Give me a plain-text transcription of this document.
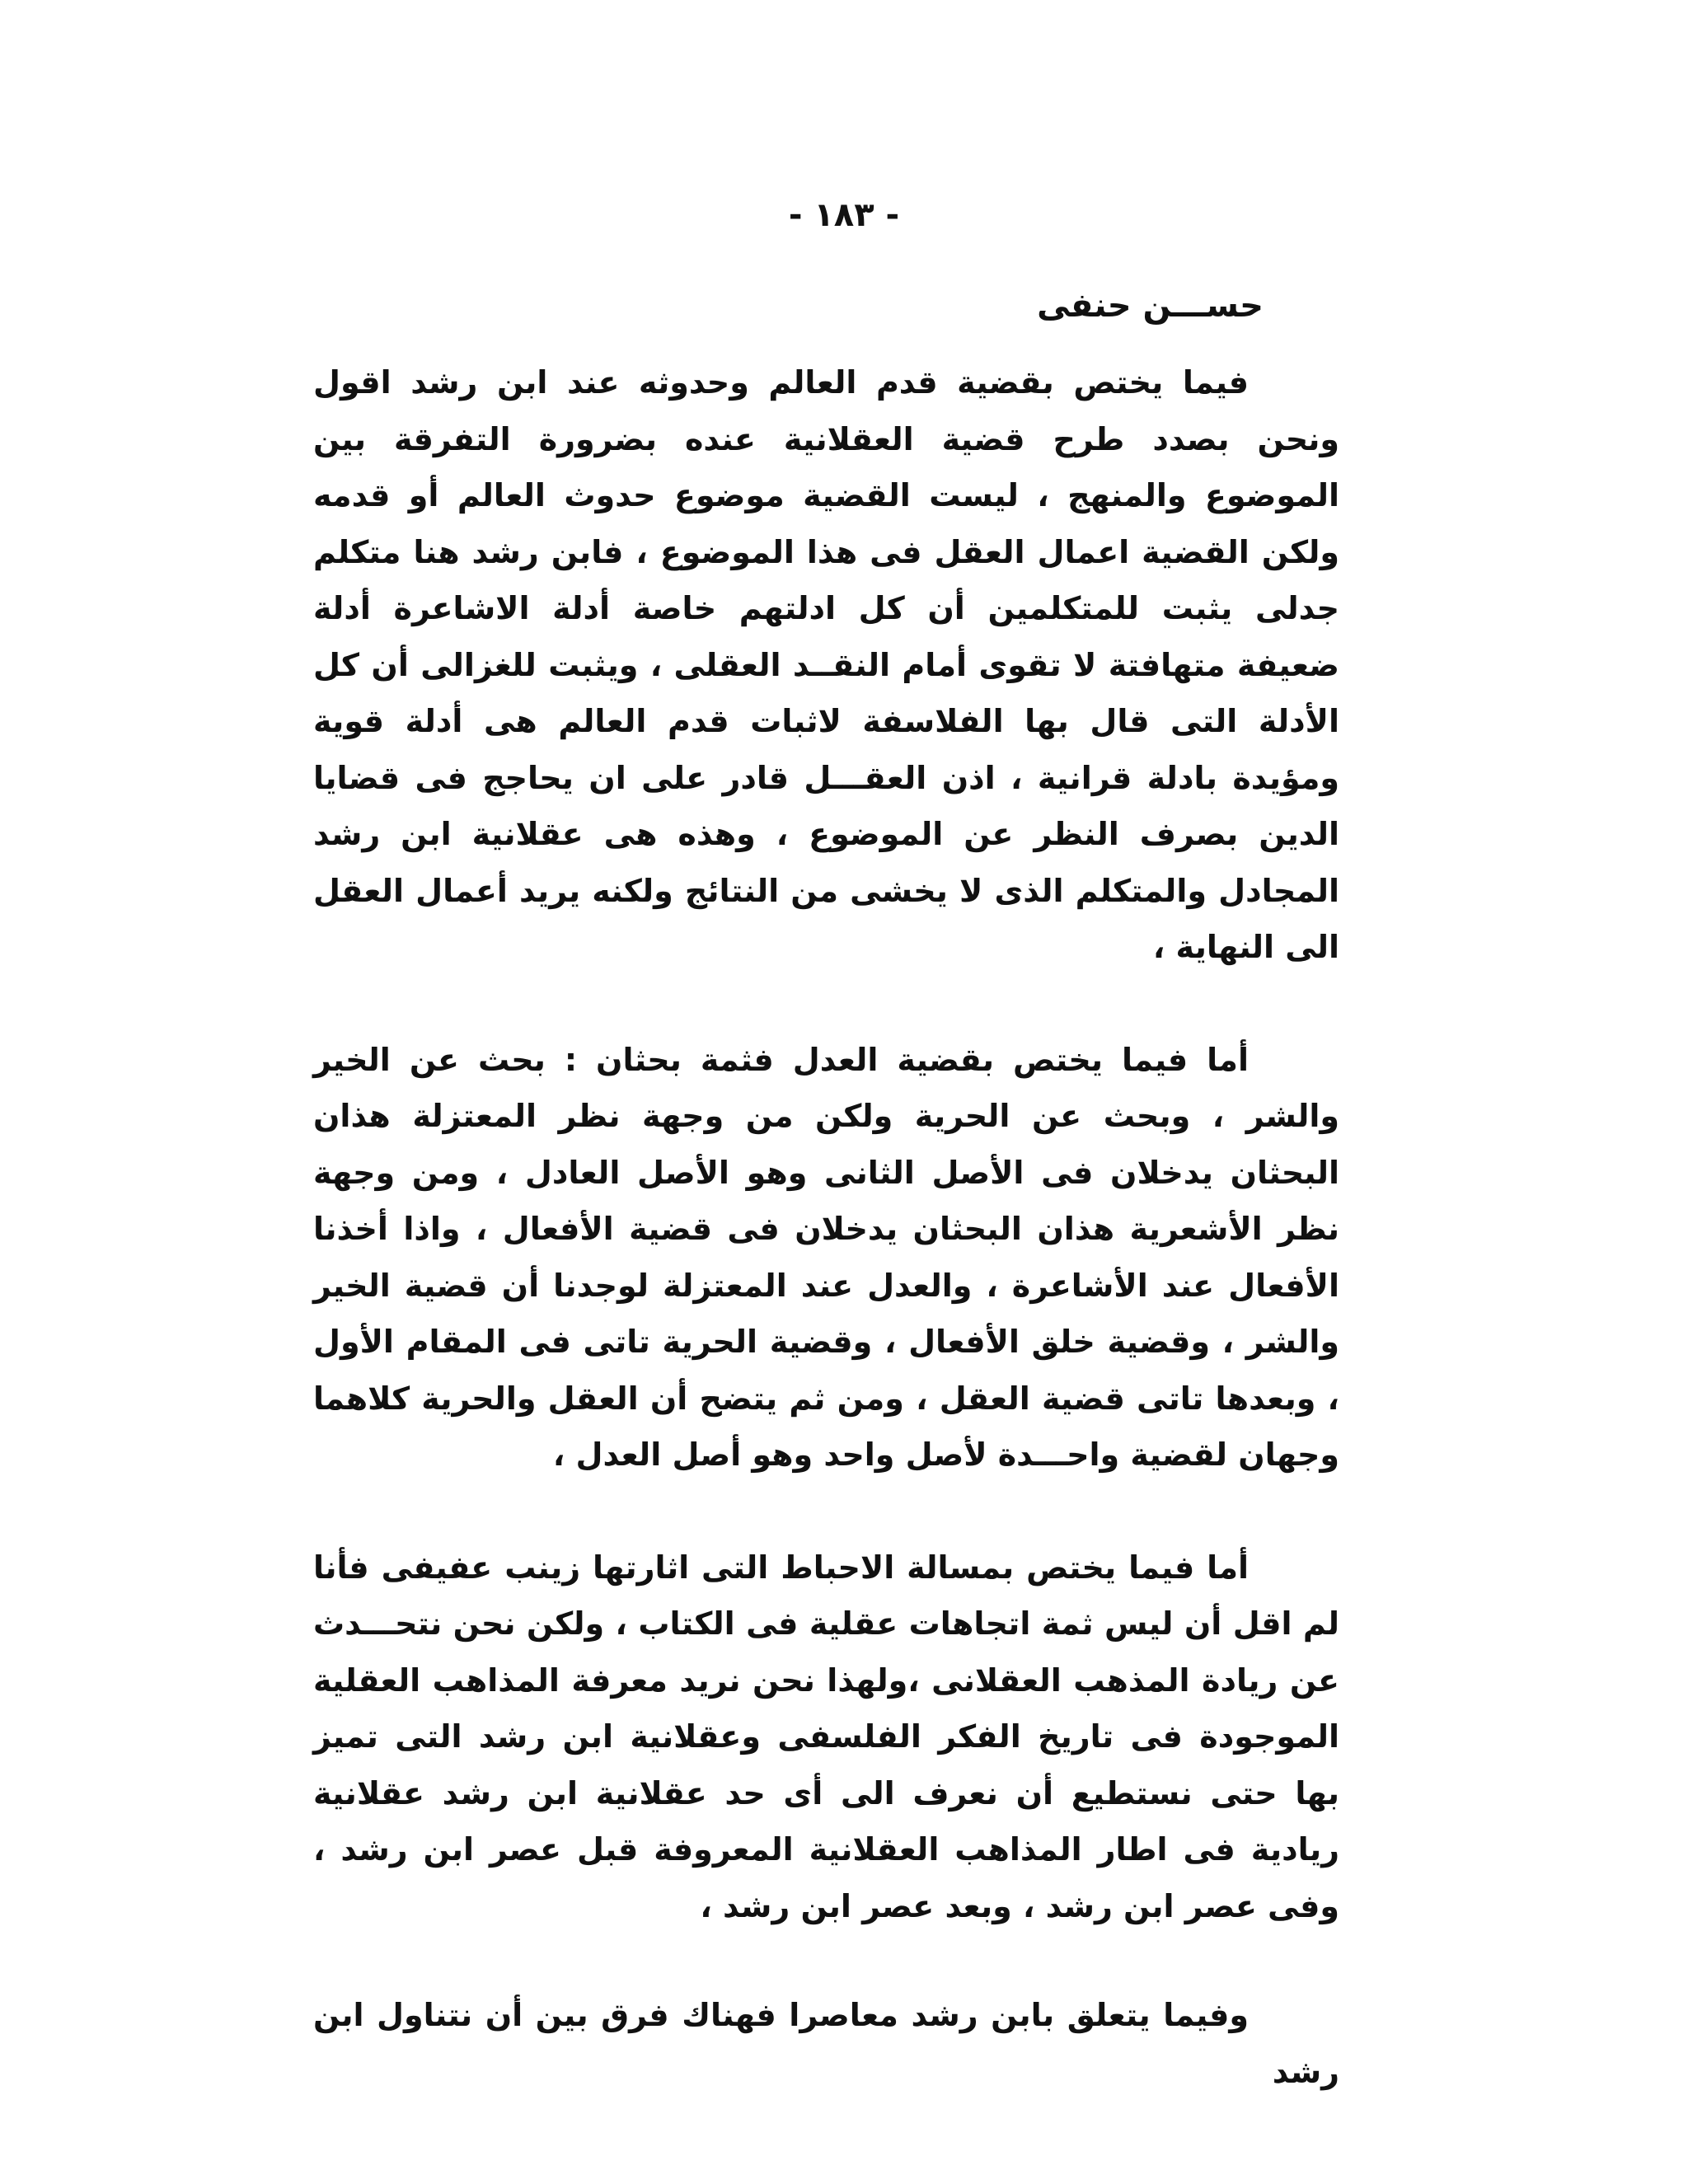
- ١٨٣ -
حســـن حنفى

فيما يختص بقضية قدم العالم وحدوثه عند ابن رشد اقول ونحن بصدد طرح قضية العقلانية عنده بضرورة التفرقة بين الموضوع والمنهج ، ليست القضية موضوع حدوث العالم أو قدمه ولكن القضية اعمال العقل فى هذا الموضوع ، فابن رشد هنا متكلم جدلى يثبت للمتكلمين أن كل ادلتهم خاصة أدلة الاشاعرة أدلة ضعيفة متهافتة لا تقوى أمام النقــد العقلى ، ويثبت للغزالى أن كل الأدلة التى قال بها الفلاسفة لاثبات قدم العالم هى أدلة قوية ومؤيدة بادلة قرانية ، اذن العقـــل قادر على ان يحاجج فى قضايا الدين بصرف النظر عن الموضوع ، وهذه هى عقلانية ابن رشد المجادل والمتكلم الذى لا يخشى من النتائج ولكنه يريد أعمال العقل الى النهاية ،

أما فيما يختص بقضية العدل فثمة بحثان : بحث عن الخير والشر ، وبحث عن الحرية ولكن من وجهة نظر المعتزلة هذان البحثان يدخلان فى الأصل الثانى وهو الأصل العادل ، ومن وجهة نظر الأشعرية هذان البحثان يدخلان فى قضية الأفعال ، واذا أخذنا الأفعال عند الأشاعرة ، والعدل عند المعتزلة لوجدنا أن قضية الخير والشر ، وقضية خلق الأفعال ، وقضية الحرية تاتى فى المقام الأول ، وبعدها تاتى قضية العقل ، ومن ثم يتضح أن العقل والحرية كلاهما وجهان لقضية واحـــدة لأصل واحد وهو أصل العدل ،

أما فيما يختص بمسالة الاحباط التى اثارتها زينب عفيفى فأنا لم اقل أن ليس ثمة اتجاهات عقلية فى الكتاب ، ولكن نحن نتحـــدث عن ريادة المذهب العقلانى ،ولهذا نحن نريد معرفة المذاهب العقلية الموجودة فى تاريخ الفكر الفلسفى وعقلانية ابن رشد التى تميز بها حتى نستطيع أن نعرف الى أى حد عقلانية ابن رشد عقلانية ريادية فى اطار المذاهب العقلانية المعروفة قبل عصر ابن رشد ، وفى عصر ابن رشد ، وبعد عصر ابن رشد ،

وفيما يتعلق بابن رشد معاصرا فهناك فرق بين أن نتناول ابن رشد
